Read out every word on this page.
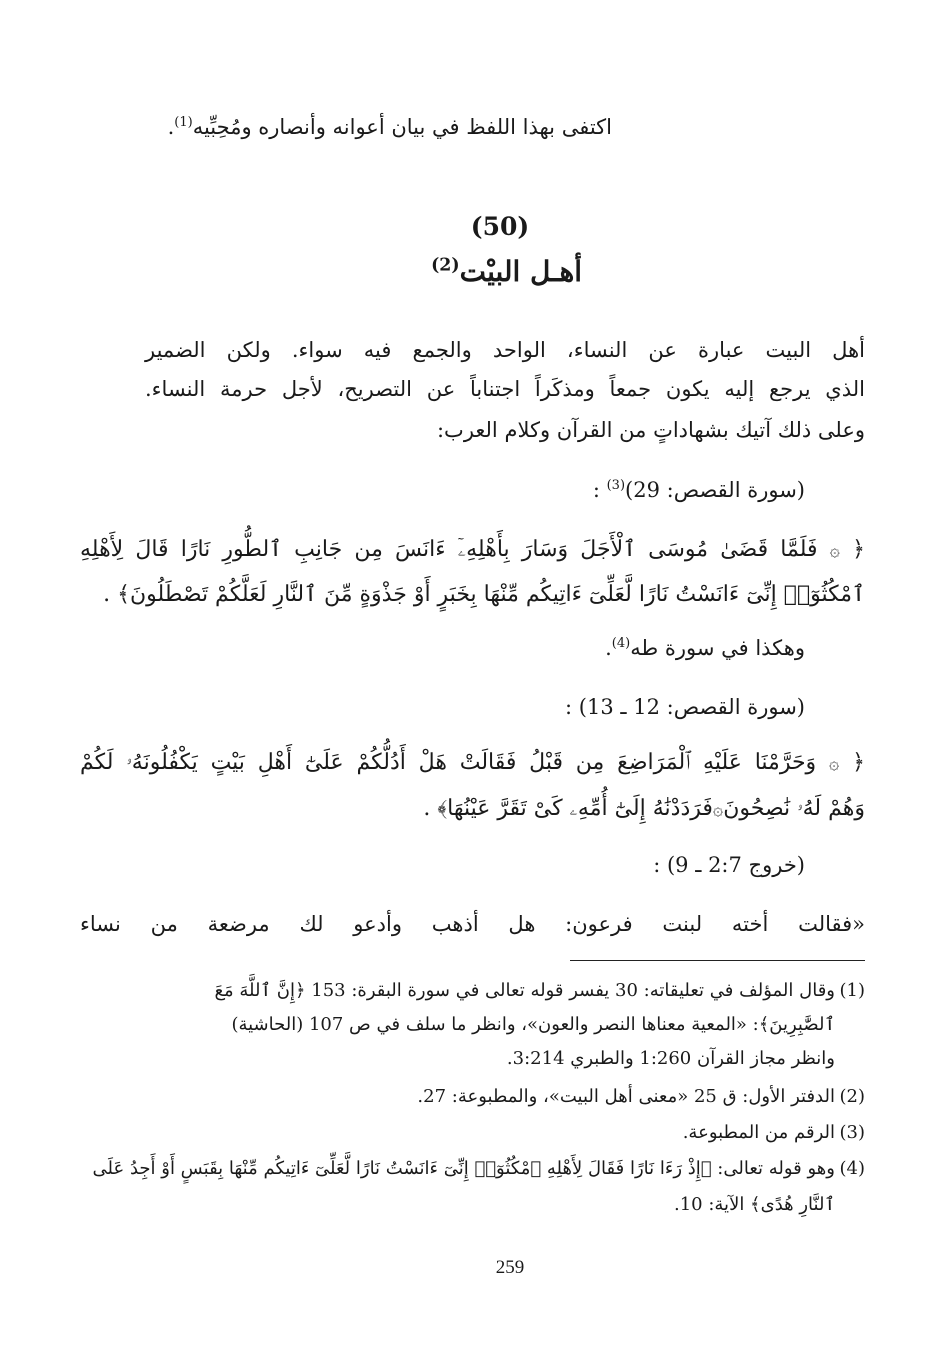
اكتفى بهذا اللفظ في بيان أعوانه وأنصاره ومُحِبِّيه$^{(1)}$.
(50)
أهـل البيْت$^{(2)}$
أهل البيت عبارة عن النساء، الواحد والجمع فيه سواء. ولكن الضمير
الذي يرجع إليه يكون جمعاً ومذكَراً اجتناباً عن التصريح، لأجل حرمة النساء.
وعلى ذلك آتيك بشهاداتٍ من القرآن وكلام العرب:
(سورة القصص: 29)$^{(3)}$ :
﴿ ۞ فَلَمَّا قَضَىٰ مُوسَى ٱلْأَجَلَ وَسَارَ بِأَهْلِهِۦٓ ءَانَسَ مِن جَانِبِ ٱلطُّورِ نَارًا قَالَ لِأَهْلِهِ
ٱمْكُثُوٓا۟ إِنِّىٓ ءَانَسْتُ نَارًا لَّعَلِّىٓ ءَاتِيكُم مِّنْهَا بِخَبَرٍ أَوْ جَذْوَةٍ مِّنَ ٱلنَّارِ لَعَلَّكُمْ تَصْطَلُونَ﴾ .
وهكذا في سورة طه$^{(4)}$.
(سورة القصص: 12 ـ 13) :
﴿ ۞ وَحَرَّمْنَا عَلَيْهِ ٱلْمَرَاضِعَ مِن قَبْلُ فَقَالَتْ هَلْ أَدُلُّكُمْ عَلَىٰٓ أَهْلِ بَيْتٍ يَكْفُلُونَهُۥ لَكُمْ
وَهُمْ لَهُۥ نَٰصِحُونَ۞فَرَدَدْنَٰهُ إِلَىٰٓ أُمِّهِۦ كَىْ تَقَرَّ عَيْنُهَا﴾ .
(خروج 2:7 ـ 9) :
«فقالت أخته لبنت فرعون: هل أذهب وأدعو لك مرضعة من نساء
(1)وقال المؤلف في تعليقاته: 30 يفسر قوله تعالى في سورة البقرة: 153 ﴿إِنَّ ٱللَّهَ مَعَ
ٱلصَّٰبِرِينَ﴾: «المعية معناها النصر والعون»، وانظر ما سلف في ص 107 (الحاشية)
وانظر مجاز القرآن 1:260 والطبري 3:214.
(2)الدفتر الأول: ق 25 «معنى أهل البيت»، والمطبوعة: 27.
(3)الرقم من المطبوعة.
(4)وهو قوله تعالى: ﴿إِذْ رَءَا نَارًا فَقَالَ لِأَهْلِهِ ٱمْكُثُوٓا۟ إِنِّىٓ ءَانَسْتُ نَارًا لَّعَلِّىٓ ءَاتِيكُم مِّنْهَا بِقَبَسٍ أَوْ أَجِدُ عَلَى
ٱلنَّارِ هُدًى﴾ الآية: 10.
259
